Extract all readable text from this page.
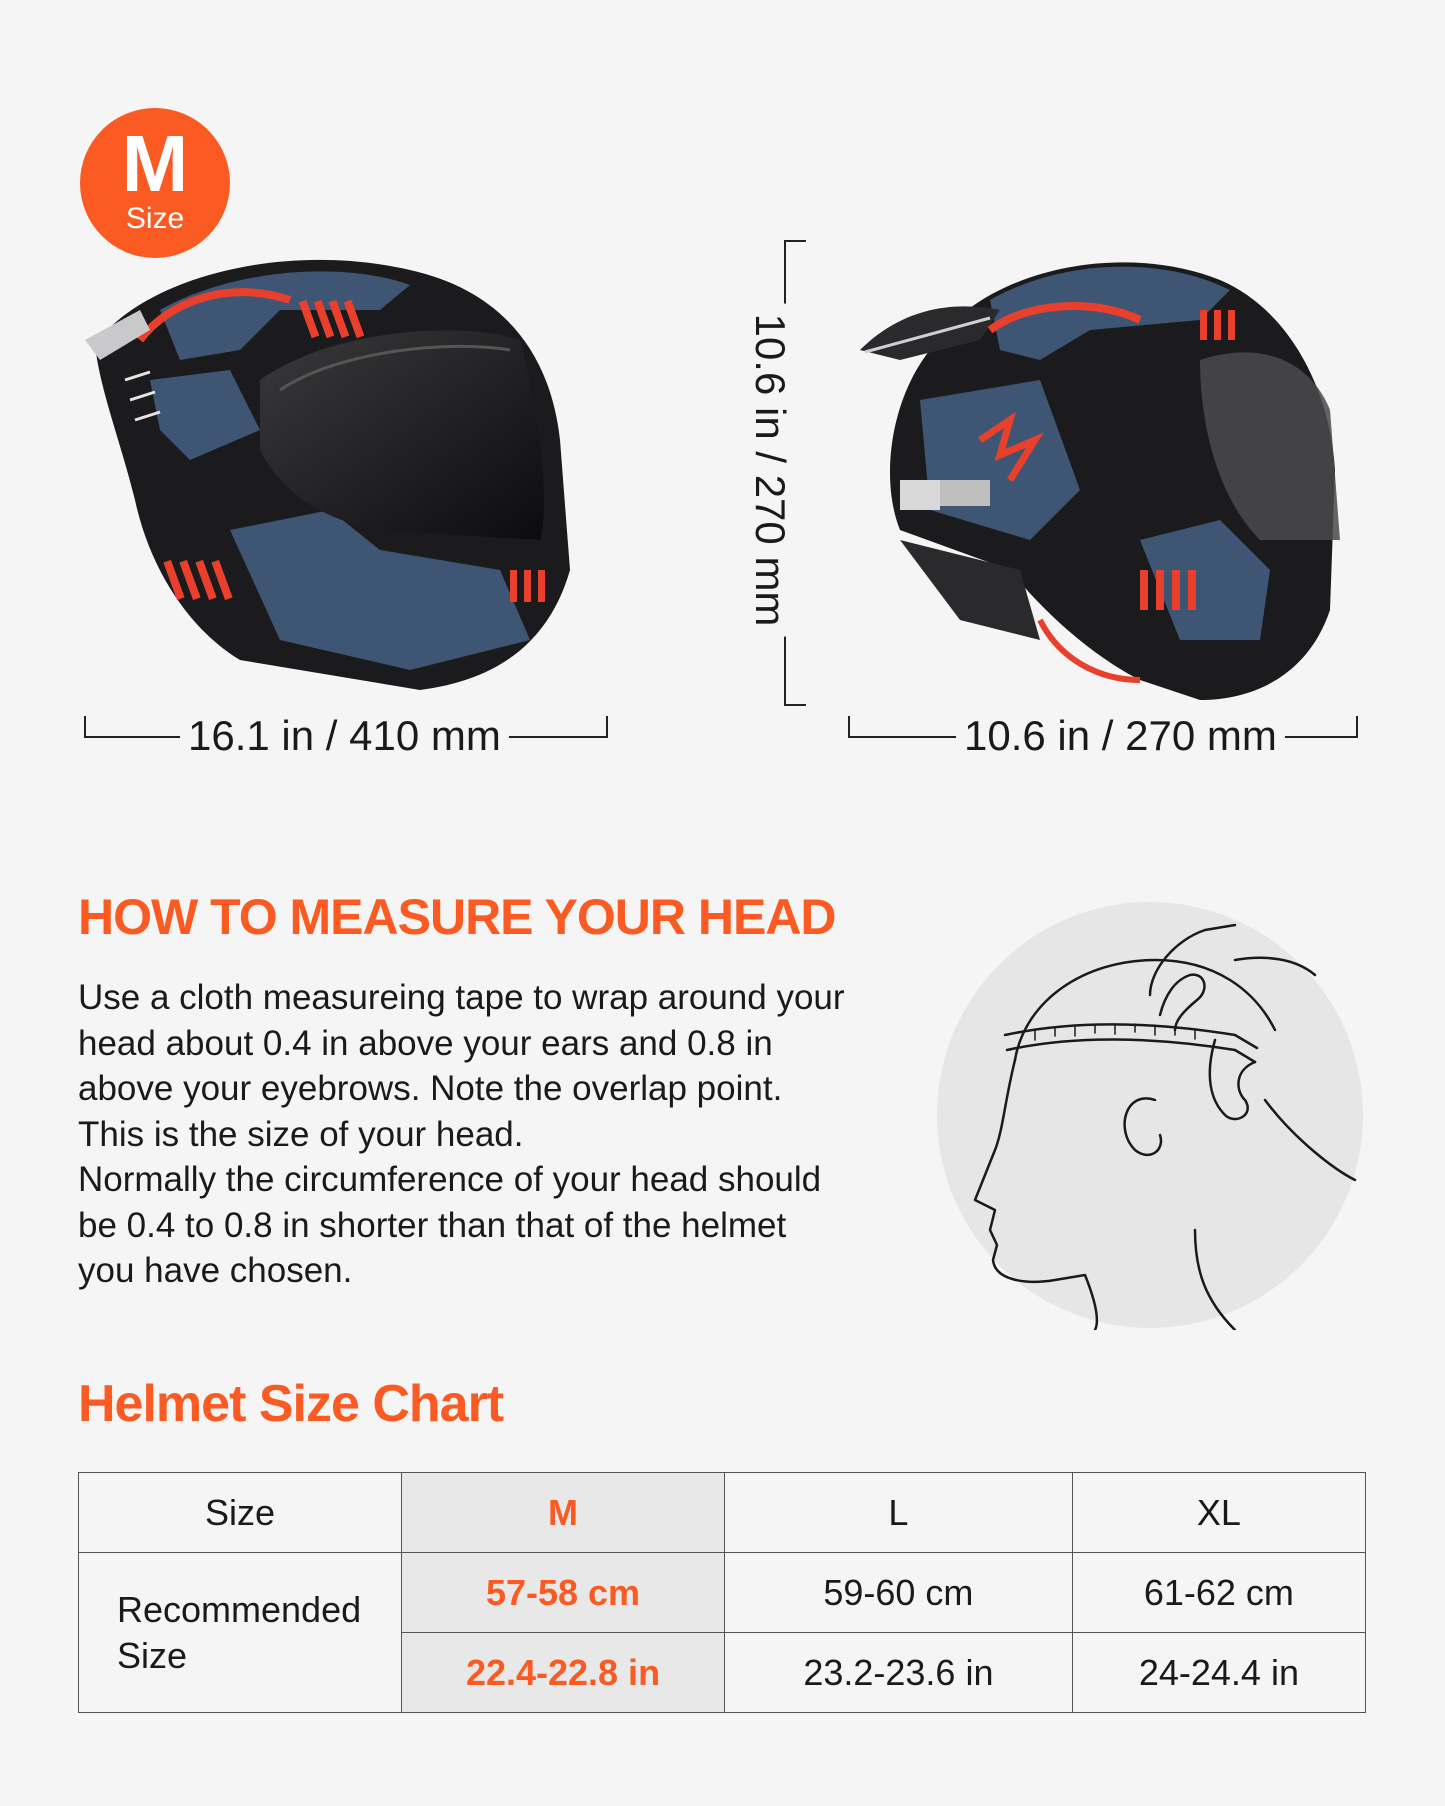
M
Size
16.1 in / 410 mm	10.6 in / 270 mm
10.6 in / 270 mm
HOW TO MEASURE YOUR HEAD

Use a cloth measureing tape to wrap around your

head about 0.4 in above your ears and 0.8 in

above your eyebrows. Note the overlap point.

This is the size of your head.

Normally the circumference of your head should

be 0.4 to 0.8 in shorter than that of the helmet

you have chosen.

Helmet Size Chart
Size	M	L	XL
Recommended
Size	57-58 cm	59-60 cm	61-62 cm
	22.4-22.8 in	23.2-23.6 in	24-24.4 in
